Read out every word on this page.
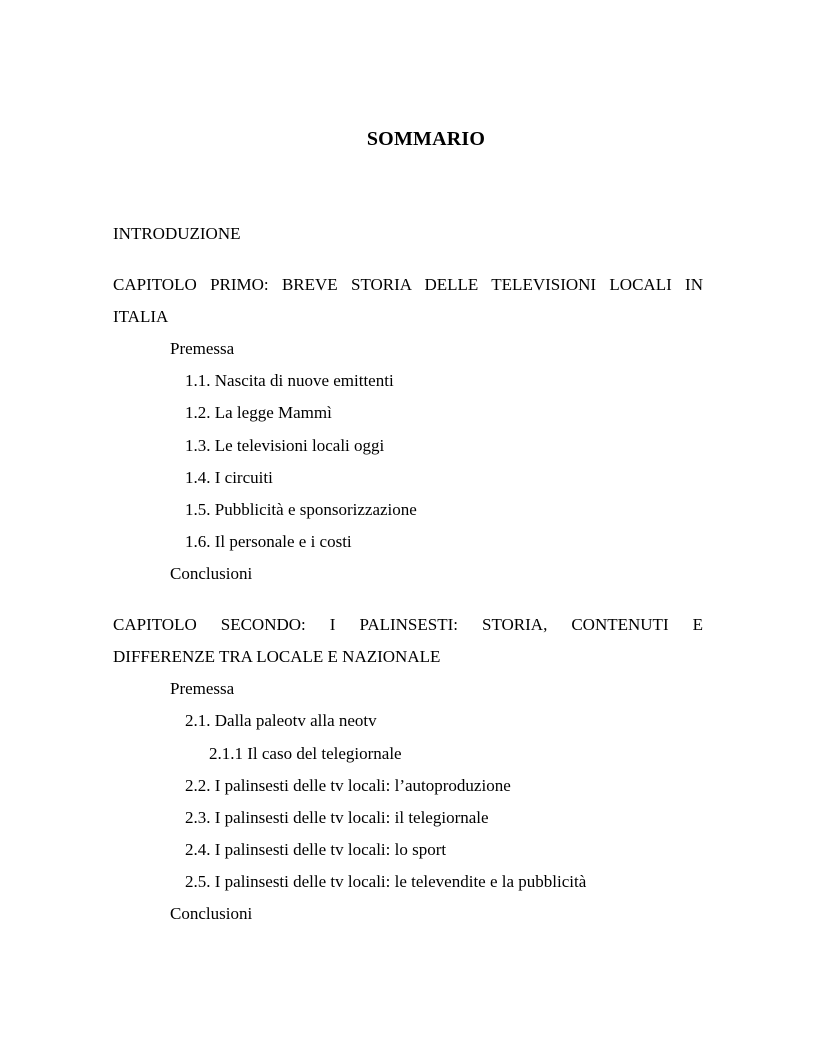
SOMMARIO
INTRODUZIONE
CAPITOLO PRIMO: BREVE STORIA DELLE TELEVISIONI LOCALI IN
ITALIA
Premessa
1.1. Nascita di nuove emittenti
1.2. La legge Mammì
1.3. Le televisioni locali oggi
1.4. I circuiti
1.5. Pubblicità e sponsorizzazione
1.6. Il personale e i costi
Conclusioni
CAPITOLO SECONDO: I PALINSESTI: STORIA, CONTENUTI E
DIFFERENZE TRA LOCALE E NAZIONALE
Premessa
2.1. Dalla paleotv alla neotv
2.1.1 Il caso del telegiornale
2.2. I palinsesti delle tv locali: l’autoproduzione
2.3. I palinsesti delle tv locali: il telegiornale
2.4. I palinsesti delle tv locali: lo sport
2.5. I palinsesti delle tv locali: le televendite e la pubblicità
Conclusioni
